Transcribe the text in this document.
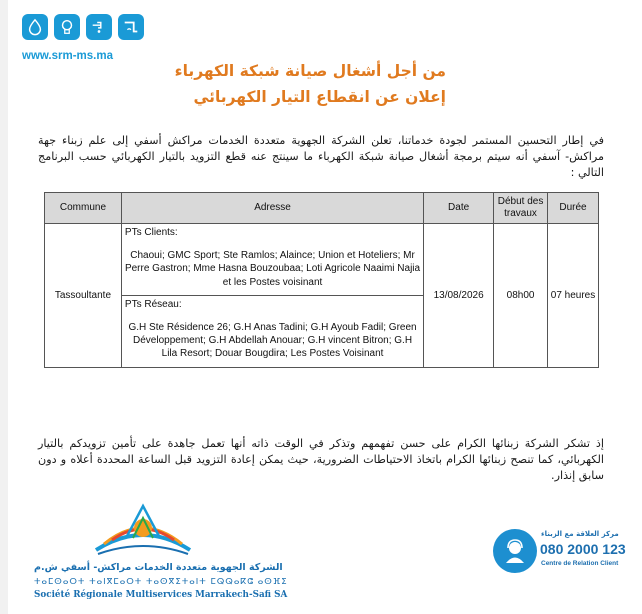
www.srm-ms.ma
من أجل أشغال صيانة شبكة الكهرباء
إعلان عن انقطاع التيار الكهربائي
في إطار التحسين المستمر لجودة خدماتنا، تعلن الشركة الجهوية متعددة الخدمات مراكش أسفي إلى علم زبناء جهة مراكش- آسفي أنه سيتم برمجة أشغال صيانة شبكة الكهرباء ما سينتج عنه قطع التزويد بالتيار الكهربائي حسب البرنامج التالي :
Commune	Adresse	Date	Début des travaux	Durée
Tassoultante	PTs Clients:
Chaoui; GMC Sport; Ste Ramlos; Alaince; Union et Hoteliers; Mr Perre Gastron; Mme Hasna Bouzoubaa; Loti Agricole Naaimi Najia et les Postes voisinant
PTs Réseau:
G.H Ste Résidence 26; G.H Anas Tadini; G.H Ayoub Fadil; Green Développement; G.H Abdellah Anouar; G.H vincent Bitron; G.H Lila Resort; Douar Bougdira; Les Postes Voisinant	13/08/2026	08h00	07 heures
إذ تشكر الشركة زبنائها الكرام على حسن تفهمهم وتذكر في الوقت ذاته أنها تعمل جاهدة على تأمين تزويدكم بالتيار الكهربائي، كما تنصح زبنائها الكرام باتخاذ الاحتياطات الضرورية، حيث يمكن إعادة التزويد قبل الساعة المحددة أعلاه و دون سابق إنذار.
الشركة الجهوية متعددة الخدمات مراكش- أسفي ش.م
ⵜⴰⵎⵙⴰⵔⵜ ⵜⴰⵏⴳⵎⴰⵔⵜ ⵜⴰⵙⴳⵉⵜⴰⵏⵜ ⵎⵕⵕⴰⴽⵛ ⴰⵙⴼⵉ
Société Régionale Multiservices Marrakech-Safi SA
مركز العلاقة مع الزبناء
080 2000 123
Centre de Relation Client
